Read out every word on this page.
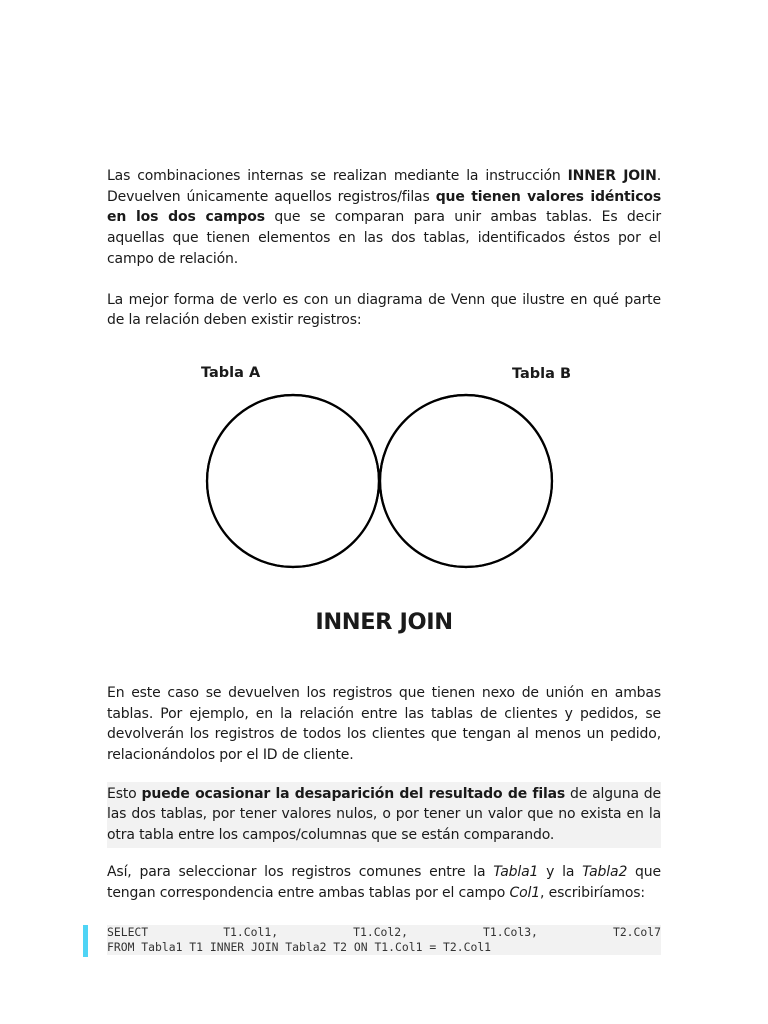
Las combinaciones internas se realizan mediante la instrucción INNER JOIN. Devuelven únicamente aquellos registros/filas que tienen valores idénticos en los dos campos que se comparan para unir ambas tablas. Es decir aquellas que tienen elementos en las dos tablas, identificados éstos por el campo de relación.

La mejor forma de verlo es con un diagrama de Venn que ilustre en qué parte de la relación deben existir registros:

Tabla A	Tabla B
INNER JOIN

En este caso se devuelven los registros que tienen nexo de unión en ambas tablas. Por ejemplo, en la relación entre las tablas de clientes y pedidos, se devolverán los registros de todos los clientes que tengan al menos un pedido, relacionándolos por el ID de cliente.

Esto puede ocasionar la desaparición del resultado de filas de alguna de las dos tablas, por tener valores nulos, o por tener un valor que no exista en la otra tabla entre los campos/columnas que se están comparando.

Así, para seleccionar los registros comunes entre la Tabla1 y la Tabla2 que tengan correspondencia entre ambas tablas por el campo Col1, escribiríamos:

SELECT	T1.Col1,	T1.Col2,	T1.Col3,	T2.Col7
FROM Tabla1 T1 INNER JOIN Tabla2 T2 ON T1.Col1 = T2.Col1
